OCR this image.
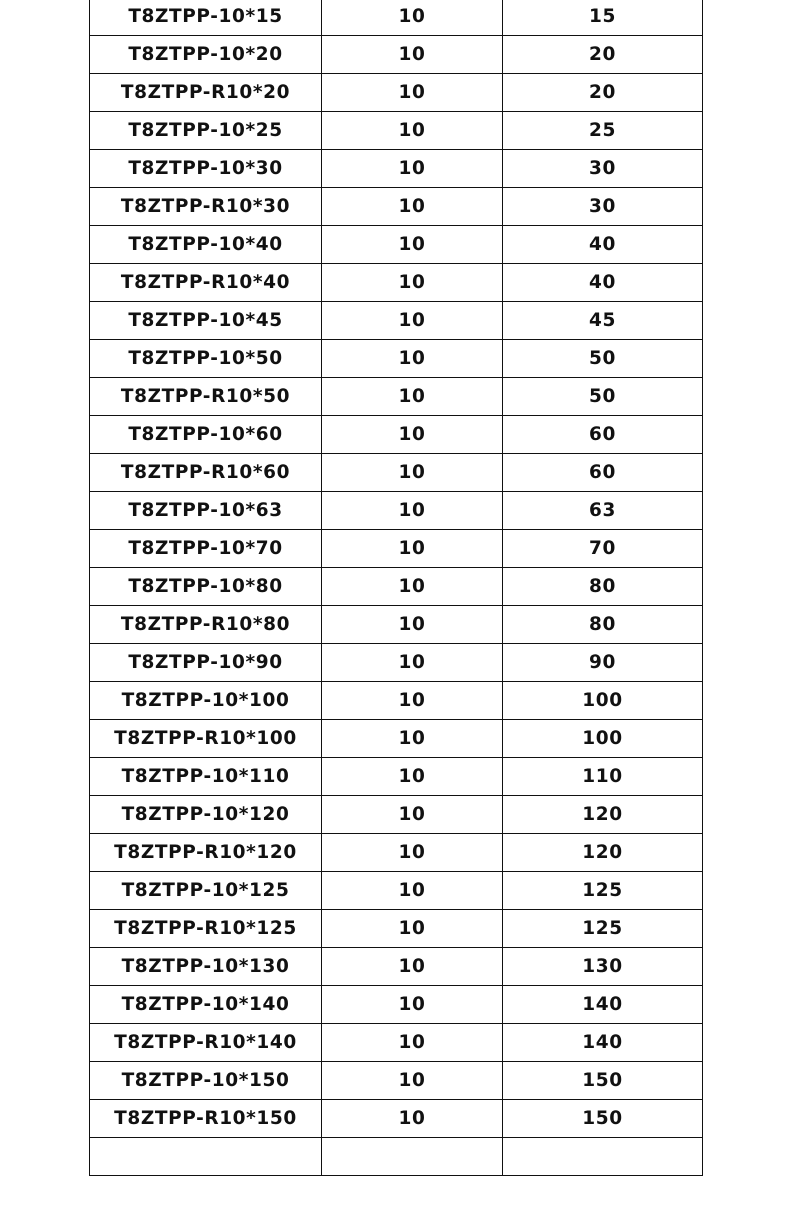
T8ZTPP-10*15	10	15
T8ZTPP-10*20	10	20
T8ZTPP-R10*20	10	20
T8ZTPP-10*25	10	25
T8ZTPP-10*30	10	30
T8ZTPP-R10*30	10	30
T8ZTPP-10*40	10	40
T8ZTPP-R10*40	10	40
T8ZTPP-10*45	10	45
T8ZTPP-10*50	10	50
T8ZTPP-R10*50	10	50
T8ZTPP-10*60	10	60
T8ZTPP-R10*60	10	60
T8ZTPP-10*63	10	63
T8ZTPP-10*70	10	70
T8ZTPP-10*80	10	80
T8ZTPP-R10*80	10	80
T8ZTPP-10*90	10	90
T8ZTPP-10*100	10	100
T8ZTPP-R10*100	10	100
T8ZTPP-10*110	10	110
T8ZTPP-10*120	10	120
T8ZTPP-R10*120	10	120
T8ZTPP-10*125	10	125
T8ZTPP-R10*125	10	125
T8ZTPP-10*130	10	130
T8ZTPP-10*140	10	140
T8ZTPP-R10*140	10	140
T8ZTPP-10*150	10	150
T8ZTPP-R10*150	10	150
